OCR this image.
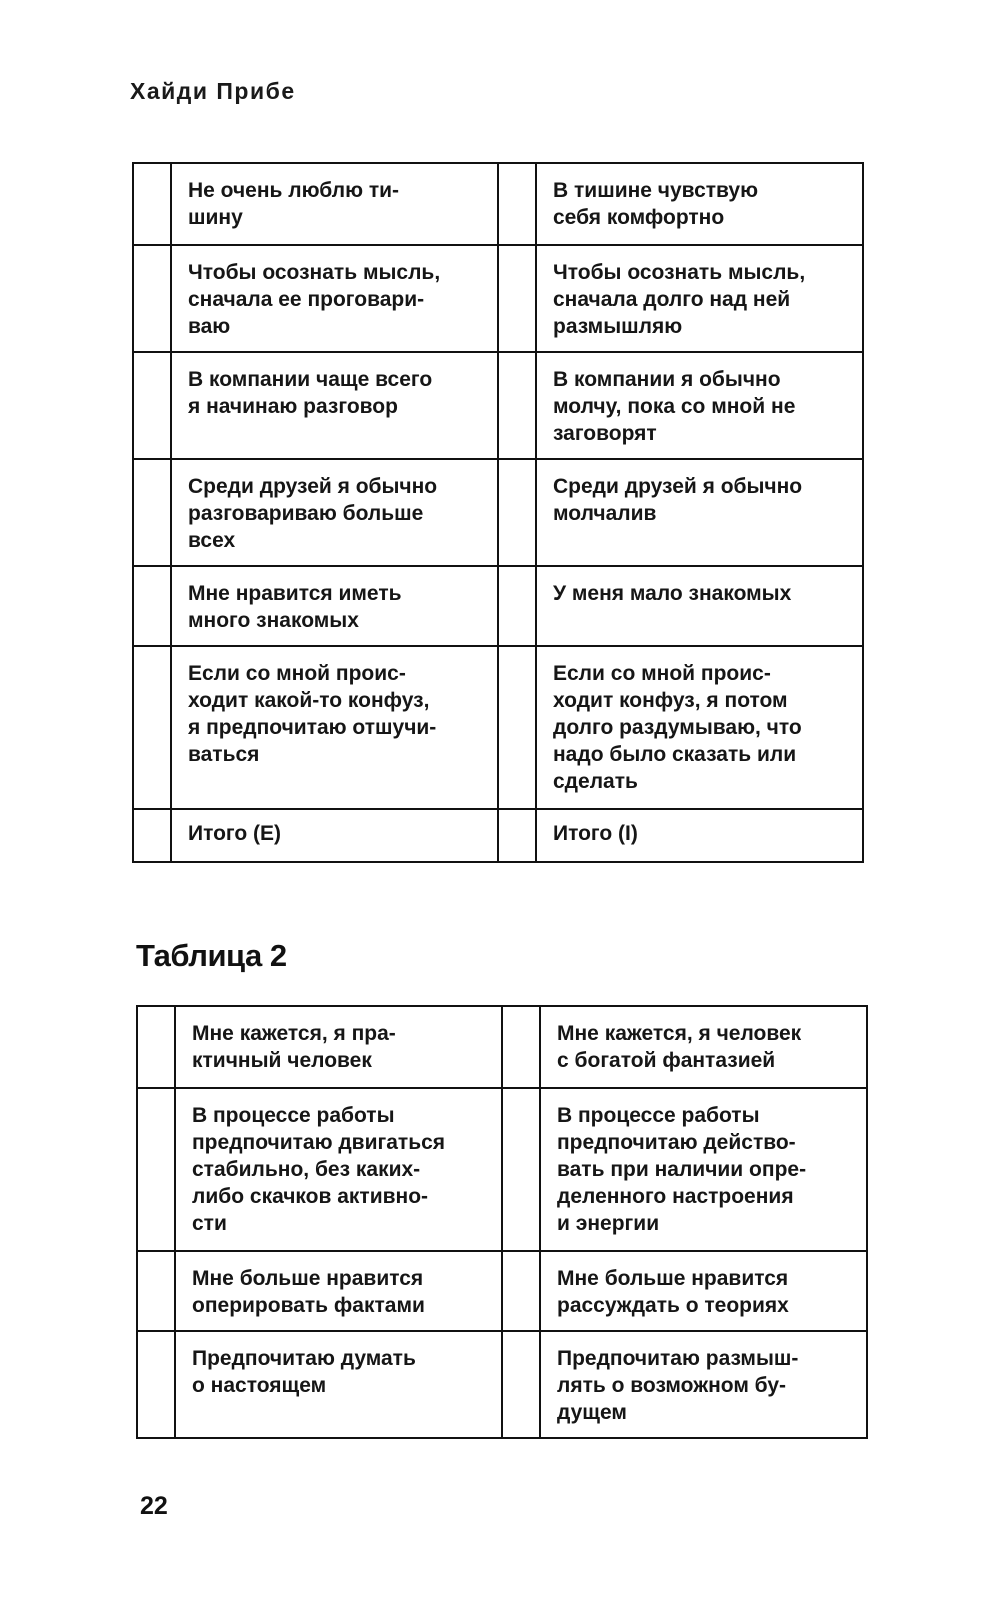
Хайди Прибе
	Не очень люблю ти-
шину		В тишине чувствую
себя комфортно
	Чтобы осознать мысль,
сначала ее проговари-
ваю		Чтобы осознать мысль,
сначала долго над ней
размышляю
	В компании чаще всего
я начинаю разговор		В компании я обычно
молчу, пока со мной не
заговорят
	Среди друзей я обычно
разговариваю больше
всех		Среди друзей я обычно
молчалив
	Мне нравится иметь
много знакомых		У меня мало знакомых
	Если со мной проис-
ходит какой-то конфуз,
я предпочитаю отшучи-
ваться		Если со мной проис-
ходит конфуз, я потом
долго раздумываю, что
надо было сказать или
сделать
	Итого (E)		Итого (I)
Таблица 2
	Мне кажется, я пра-
ктичный человек		Мне кажется, я человек
с богатой фантазией
	В процессе работы
предпочитаю двигаться
стабильно, без каких-
либо скачков активно-
сти		В процессе работы
предпочитаю действо-
вать при наличии опре-
деленного настроения
и энергии
	Мне больше нравится
оперировать фактами		Мне больше нравится
рассуждать о теориях
	Предпочитаю думать
о настоящем		Предпочитаю размыш-
лять о возможном бу-
дущем
22
